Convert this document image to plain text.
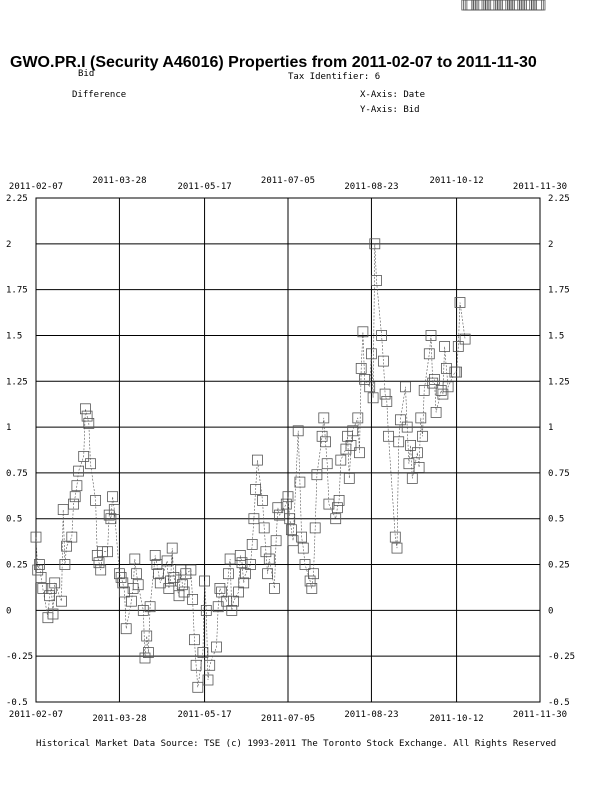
GWO.PR.I (Security A46016) Properties from 2011-02-07 to 2011-11-30
Bid
Difference
Tax Identifier: 6
X-Axis: Date
Y-Axis: Bid
2.25	2.25
2	2
1.75	1.75
1.5	1.5
1.25	1.25
1	1
0.75	0.75
0.5	0.5
0.25	0.25
0	0
-0.25	-0.25
-0.5	-0.5
2011-02-07
2011-02-07
2011-03-28
2011-03-28
2011-05-17
2011-05-17
2011-07-05
2011-07-05
2011-08-23
2011-08-23
2011-10-12
2011-10-12
2011-11-30
2011-11-30
Historical Market Data Source: TSE (c) 1993-2011 The Toronto Stock Exchange. All Rights Reserved
